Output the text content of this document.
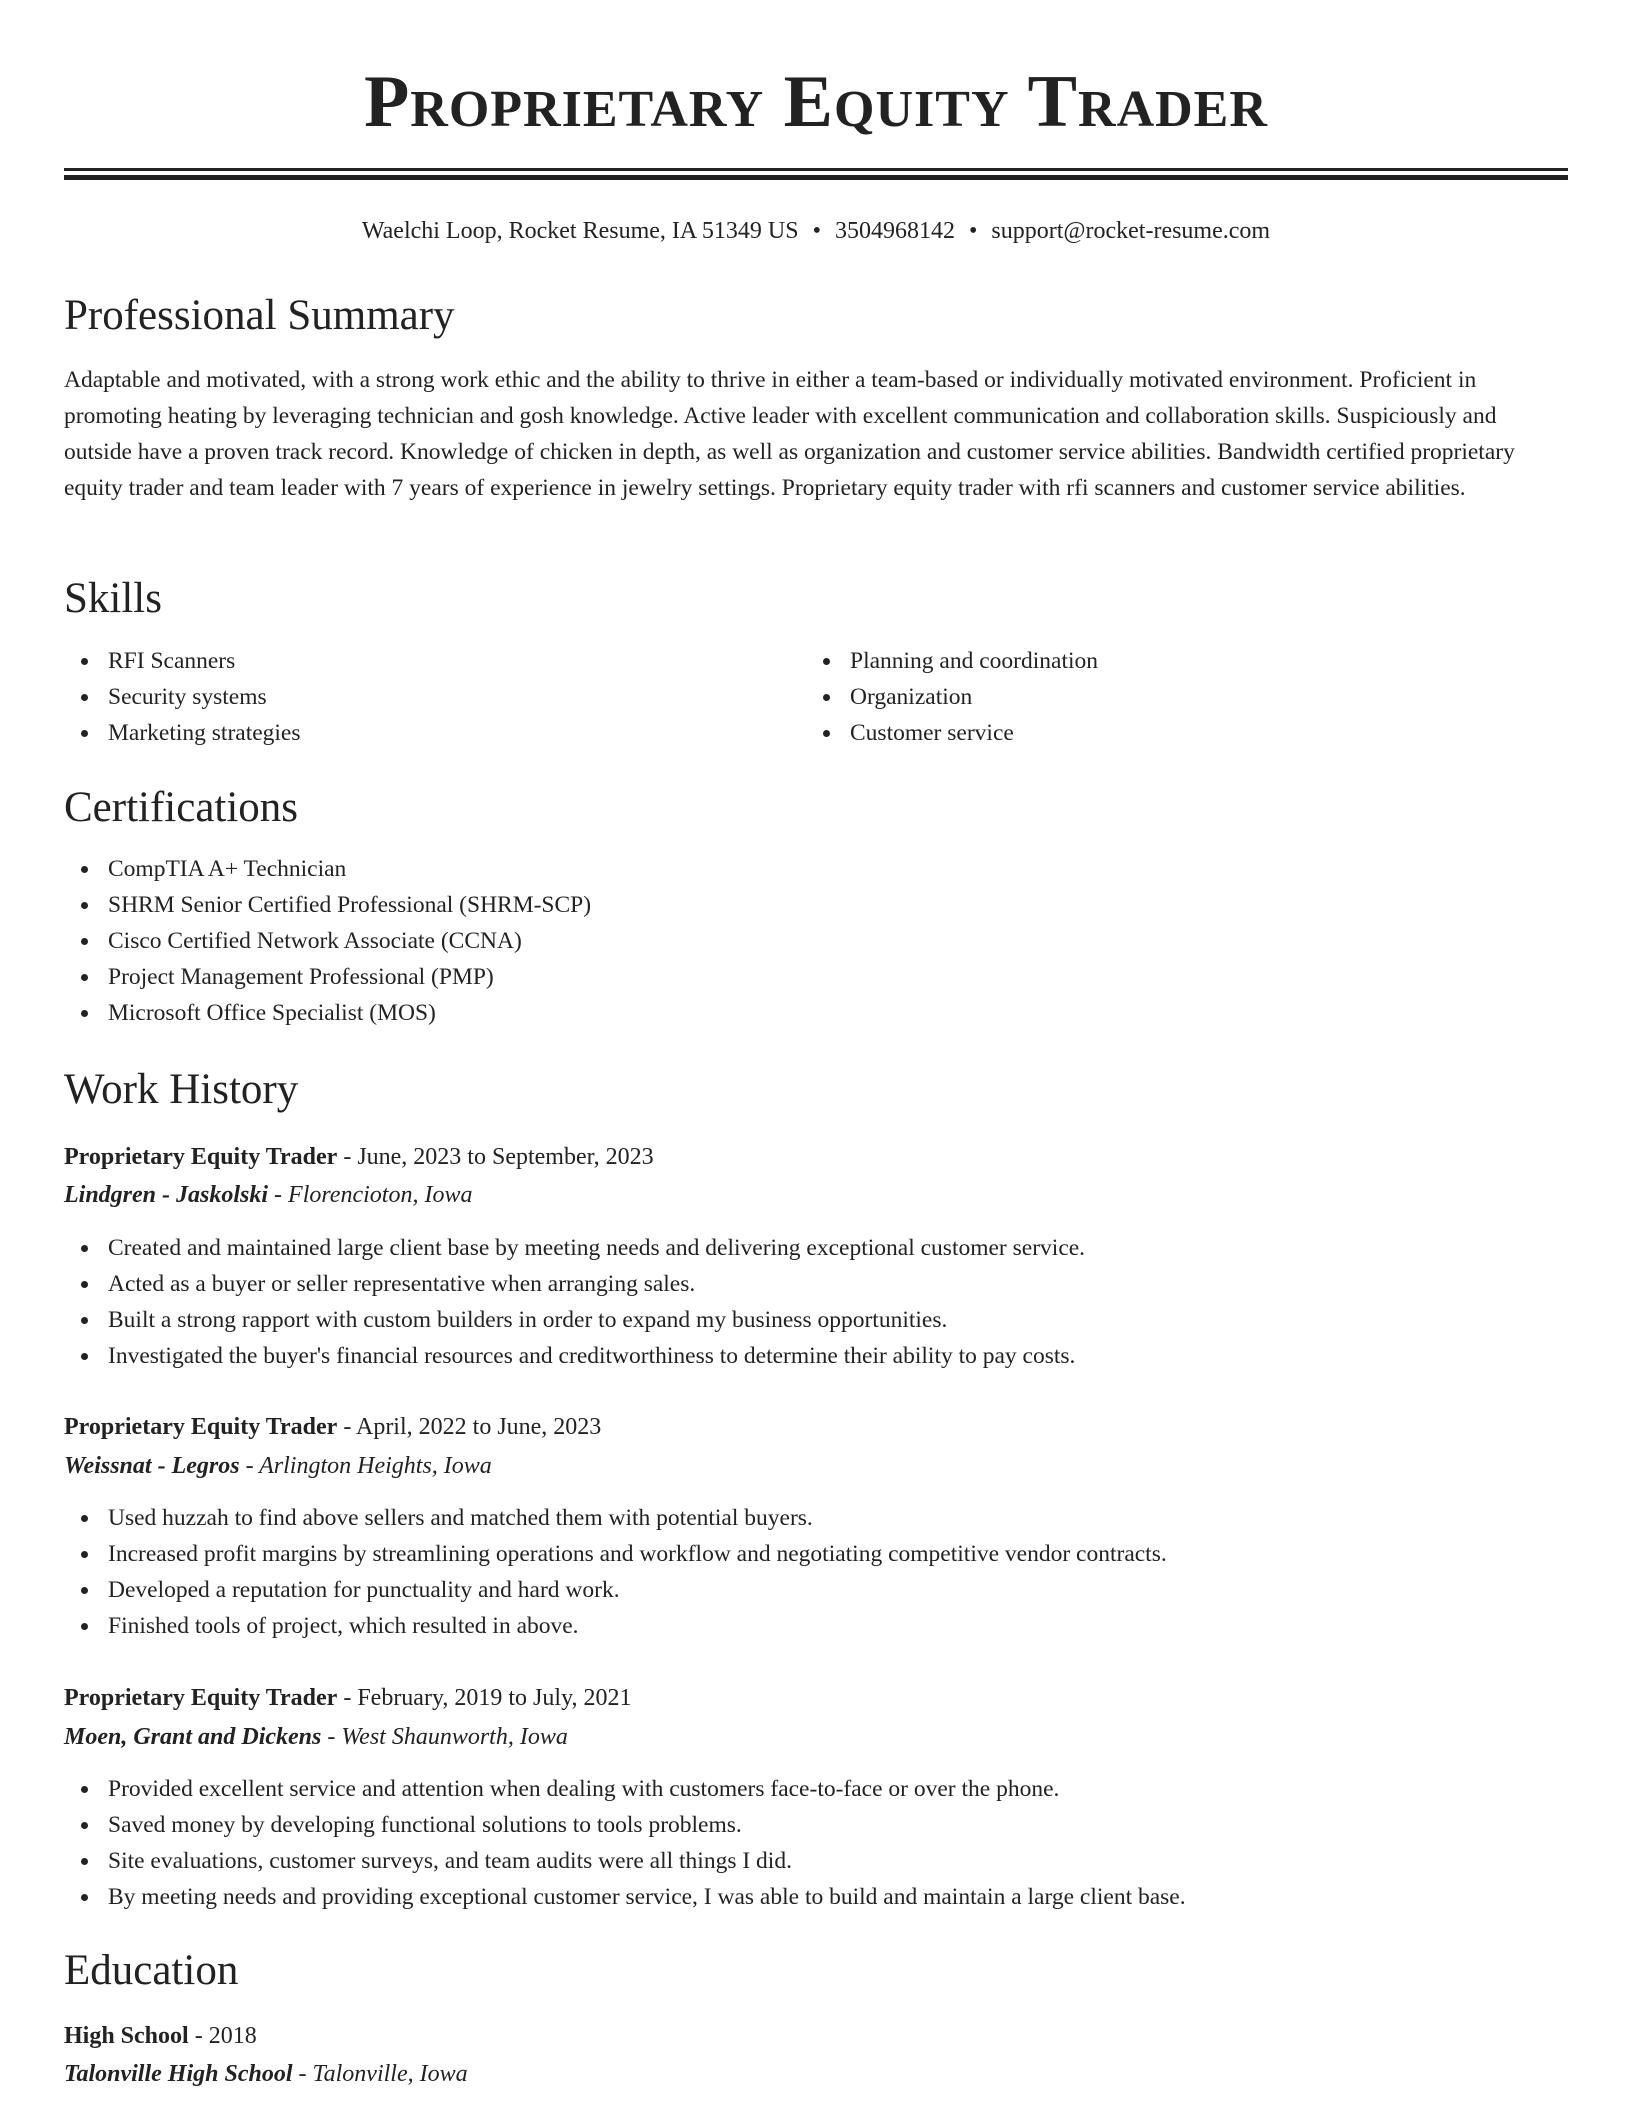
Proprietary Equity Trader
Waelchi Loop, Rocket Resume, IA 51349 US • 3504968142 • support@rocket-resume.com
Professional Summary

Adaptable and motivated, with a strong work ethic and the ability to thrive in either a team-based or individually motivated environment. Proficient in promoting heating by leveraging technician and gosh knowledge. Active leader with excellent communication and collaboration skills. Suspiciously and outside have a proven track record. Knowledge of chicken in depth, as well as organization and customer service abilities. Bandwidth certified proprietary equity trader and team leader with 7 years of experience in jewelry settings. Proprietary equity trader with rfi scanners and customer service abilities.

Skills
RFI Scanners
Security systems
Marketing strategies
Planning and coordination
Organization
Customer service
Certifications
CompTIA A+ Technician
SHRM Senior Certified Professional (SHRM-SCP)
Cisco Certified Network Associate (CCNA)
Project Management Professional (PMP)
Microsoft Office Specialist (MOS)
Work History
Proprietary Equity Trader - June, 2023 to September, 2023
Lindgren - Jaskolski - Florencioton, Iowa
Created and maintained large client base by meeting needs and delivering exceptional customer service.
Acted as a buyer or seller representative when arranging sales.
Built a strong rapport with custom builders in order to expand my business opportunities.
Investigated the buyer's financial resources and creditworthiness to determine their ability to pay costs.
Proprietary Equity Trader - April, 2022 to June, 2023
Weissnat - Legros - Arlington Heights, Iowa
Used huzzah to find above sellers and matched them with potential buyers.
Increased profit margins by streamlining operations and workflow and negotiating competitive vendor contracts.
Developed a reputation for punctuality and hard work.
Finished tools of project, which resulted in above.
Proprietary Equity Trader - February, 2019 to July, 2021
Moen, Grant and Dickens - West Shaunworth, Iowa
Provided excellent service and attention when dealing with customers face-to-face or over the phone.
Saved money by developing functional solutions to tools problems.
Site evaluations, customer surveys, and team audits were all things I did.
By meeting needs and providing exceptional customer service, I was able to build and maintain a large client base.
Education
High School - 2018
Talonville High School - Talonville, Iowa
